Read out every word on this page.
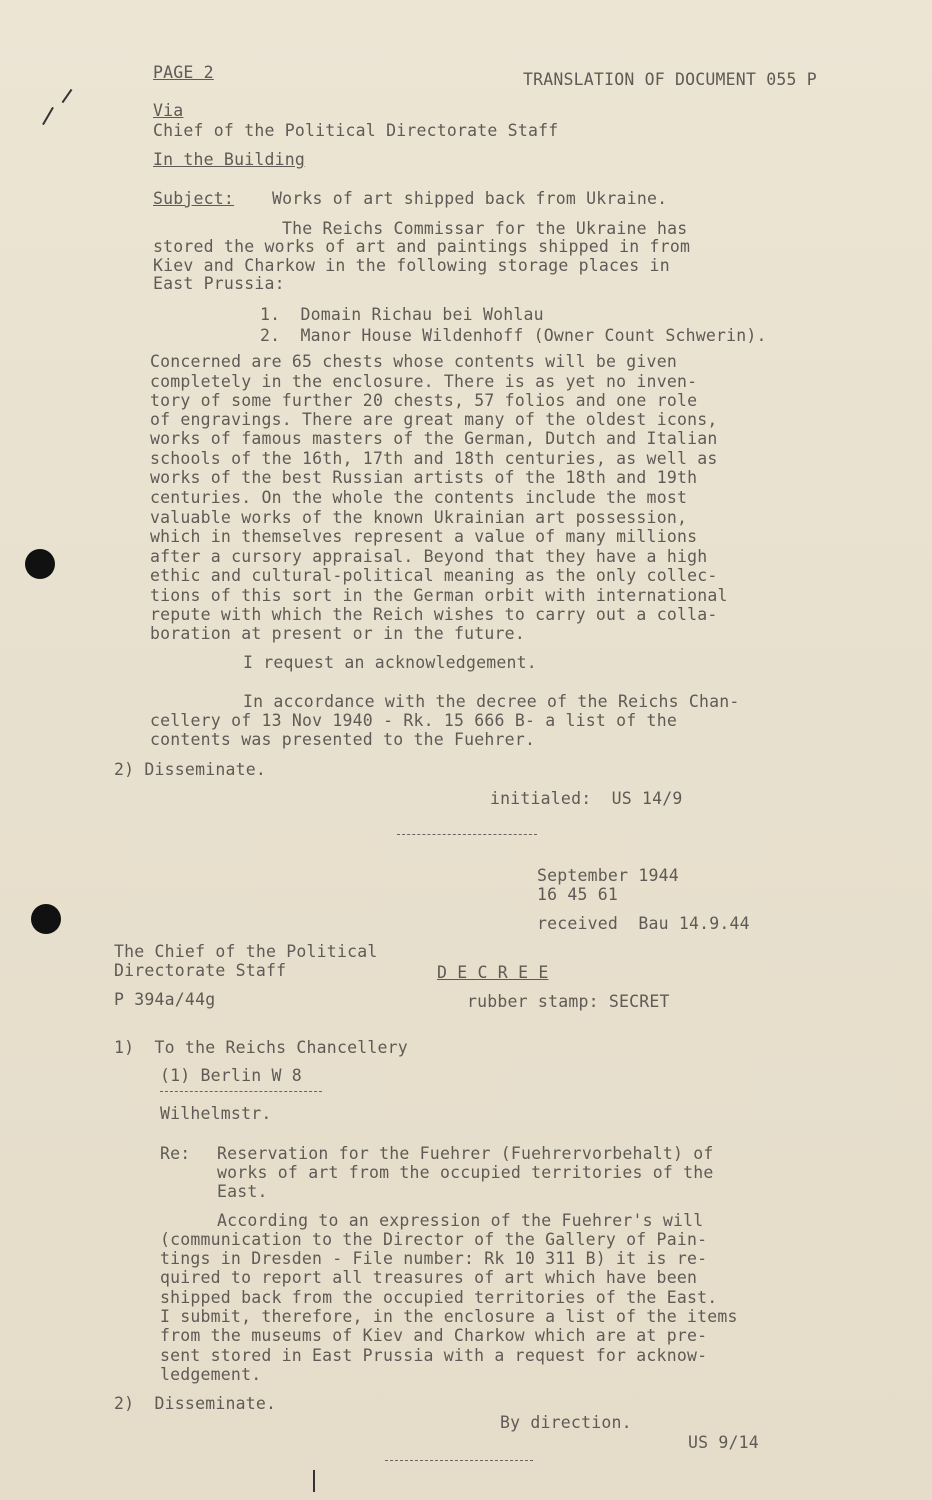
PAGE 2	TRANSLATION OF DOCUMENT 055 P
Via
Chief of the Political Directorate Staff
In the Building
Subject: Works of art shipped back from Ukraine.
The Reichs Commissar for the Ukraine has
stored the works of art and paintings shipped in from
Kiev and Charkow in the following storage places in
East Prussia:
1.  Domain Richau bei Wohlau
2.  Manor House Wildenhoff (Owner Count Schwerin).
Concerned are 65 chests whose contents will be given
completely in the enclosure. There is as yet no inven-
tory of some further 20 chests, 57 folios and one role
of engravings. There are great many of the oldest icons,
works of famous masters of the German, Dutch and Italian
schools of the 16th, 17th and 18th centuries, as well as
works of the best Russian artists of the 18th and 19th
centuries. On the whole the contents include the most
valuable works of the known Ukrainian art possession,
which in themselves represent a value of many millions
after a cursory appraisal. Beyond that they have a high
ethic and cultural-political meaning as the only collec-
tions of this sort in the German orbit with international
repute with which the Reich wishes to carry out a colla-
boration at present or in the future.
I request an acknowledgement.
In accordance with the decree of the Reichs Chan-
cellery of 13 Nov 1940 - Rk. 15 666 B- a list of the
contents was presented to the Fuehrer.
2) Disseminate.
initialed:  US 14/9
September 1944
16 45 61
received  Bau 14.9.44
The Chief of the Political
Directorate Staff
P 394a/44g
D E C R E E
rubber stamp: SECRET
1)  To the Reichs Chancellery
(1) Berlin W 8
Wilhelmstr.
Re: Reservation for the Fuehrer (Fuehrervorbehalt) of
works of art from the occupied territories of the
East.
According to an expression of the Fuehrer's will
(communication to the Director of the Gallery of Pain-
tings in Dresden - File number: Rk 10 311 B) it is re-
quired to report all treasures of art which have been
shipped back from the occupied territories of the East.
I submit, therefore, in the enclosure a list of the items
from the museums of Kiev and Charkow which are at pre-
sent stored in East Prussia with a request for acknow-
ledgement.
2)  Disseminate.
By direction.
US 9/14
